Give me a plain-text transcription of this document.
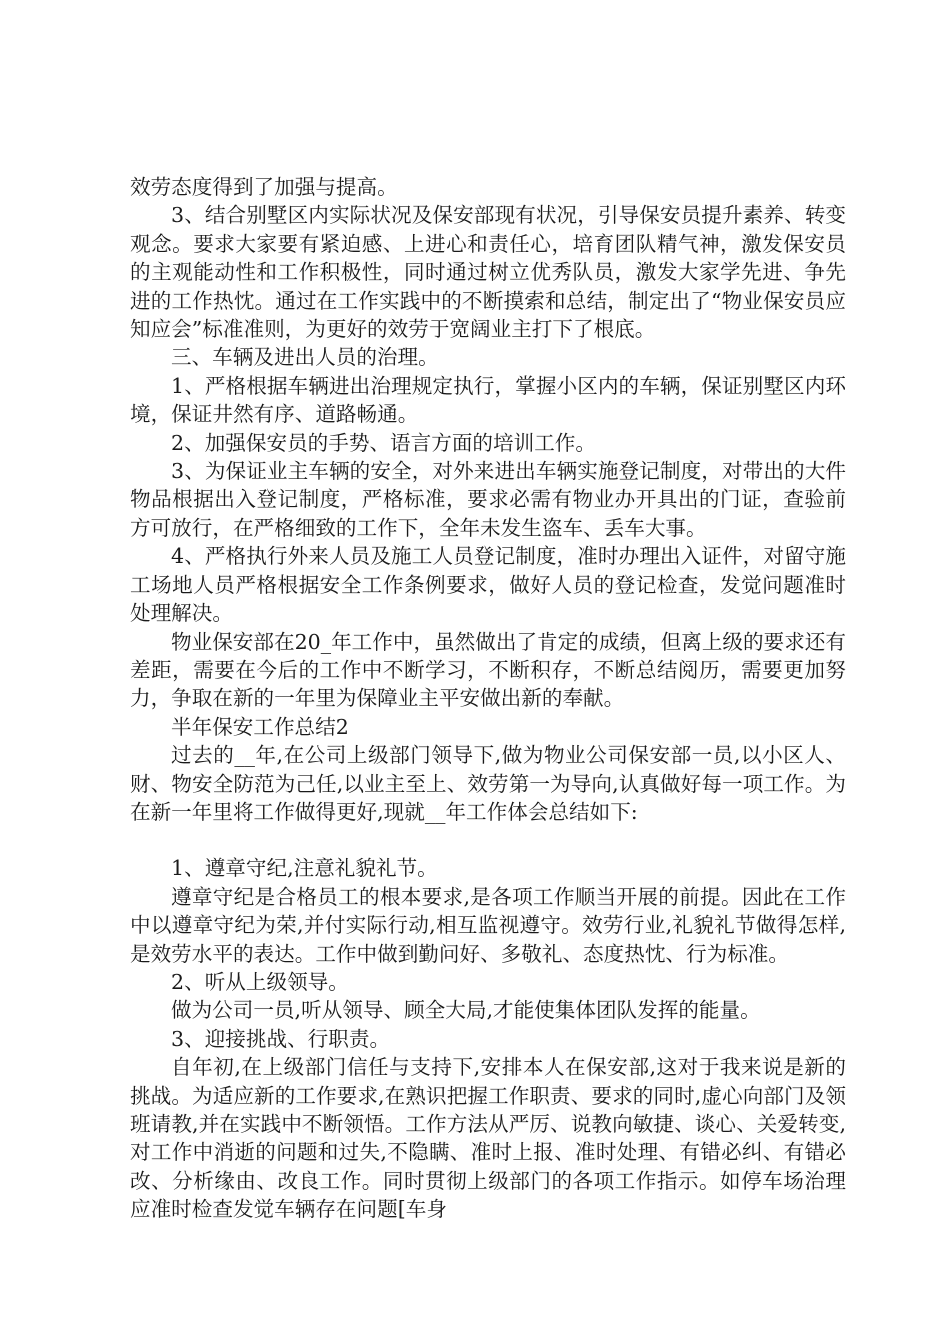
效劳态度得到了加强与提高。

3、结合别墅区内实际状况及保安部现有状况，引导保安员提升素养、转变观念。要求大家要有紧迫感、上进心和责任心，培育团队精气神，激发保安员的主观能动性和工作积极性，同时通过树立优秀队员，激发大家学先进、争先进的工作热忱。通过在工作实践中的不断摸索和总结，制定出了“物业保安员应知应会”标准准则，为更好的效劳于宽阔业主打下了根底。

三、车辆及进出人员的治理。

1、严格根据车辆进出治理规定执行，掌握小区内的车辆，保证别墅区内环境，保证井然有序、道路畅通。

2、加强保安员的手势、语言方面的培训工作。

3、为保证业主车辆的安全，对外来进出车辆实施登记制度，对带出的大件物品根据出入登记制度，严格标准，要求必需有物业办开具出的门证，查验前方可放行，在严格细致的工作下，全年未发生盗车、丢车大事。

4、严格执行外来人员及施工人员登记制度，准时办理出入证件，对留守施工场地人员严格根据安全工作条例要求，做好人员的登记检查，发觉问题准时处理解决。

物业保安部在20_年工作中，虽然做出了肯定的成绩，但离上级的要求还有差距，需要在今后的工作中不断学习，不断积存，不断总结阅历，需要更加努力，争取在新的一年里为保障业主平安做出新的奉献。

半年保安工作总结2

过去的__年,在公司上级部门领导下,做为物业公司保安部一员,以小区人、财、物安全防范为己任,以业主至上、效劳第一为导向,认真做好每一项工作。为在新一年里将工作做得更好,现就__年工作体会总结如下:

1、遵章守纪,注意礼貌礼节。

遵章守纪是合格员工的根本要求,是各项工作顺当开展的前提。因此在工作中以遵章守纪为荣,并付实际行动,相互监视遵守。效劳行业,礼貌礼节做得怎样,是效劳水平的表达。工作中做到勤问好、多敬礼、态度热忱、行为标准。

2、听从上级领导。

做为公司一员,听从领导、顾全大局,才能使集体团队发挥的能量。

3、迎接挑战、行职责。

自年初,在上级部门信任与支持下,安排本人在保安部,这对于我来说是新的挑战。为适应新的工作要求,在熟识把握工作职责、要求的同时,虚心向部门及领班请教,并在实践中不断领悟。工作方法从严厉、说教向敏捷、谈心、关爱转变,对工作中消逝的问题和过失,不隐瞒、准时上报、准时处理、有错必纠、有错必改、分析缘由、改良工作。同时贯彻上级部门的各项工作指示。如停车场治理应准时检查发觉车辆存在问题[车身
